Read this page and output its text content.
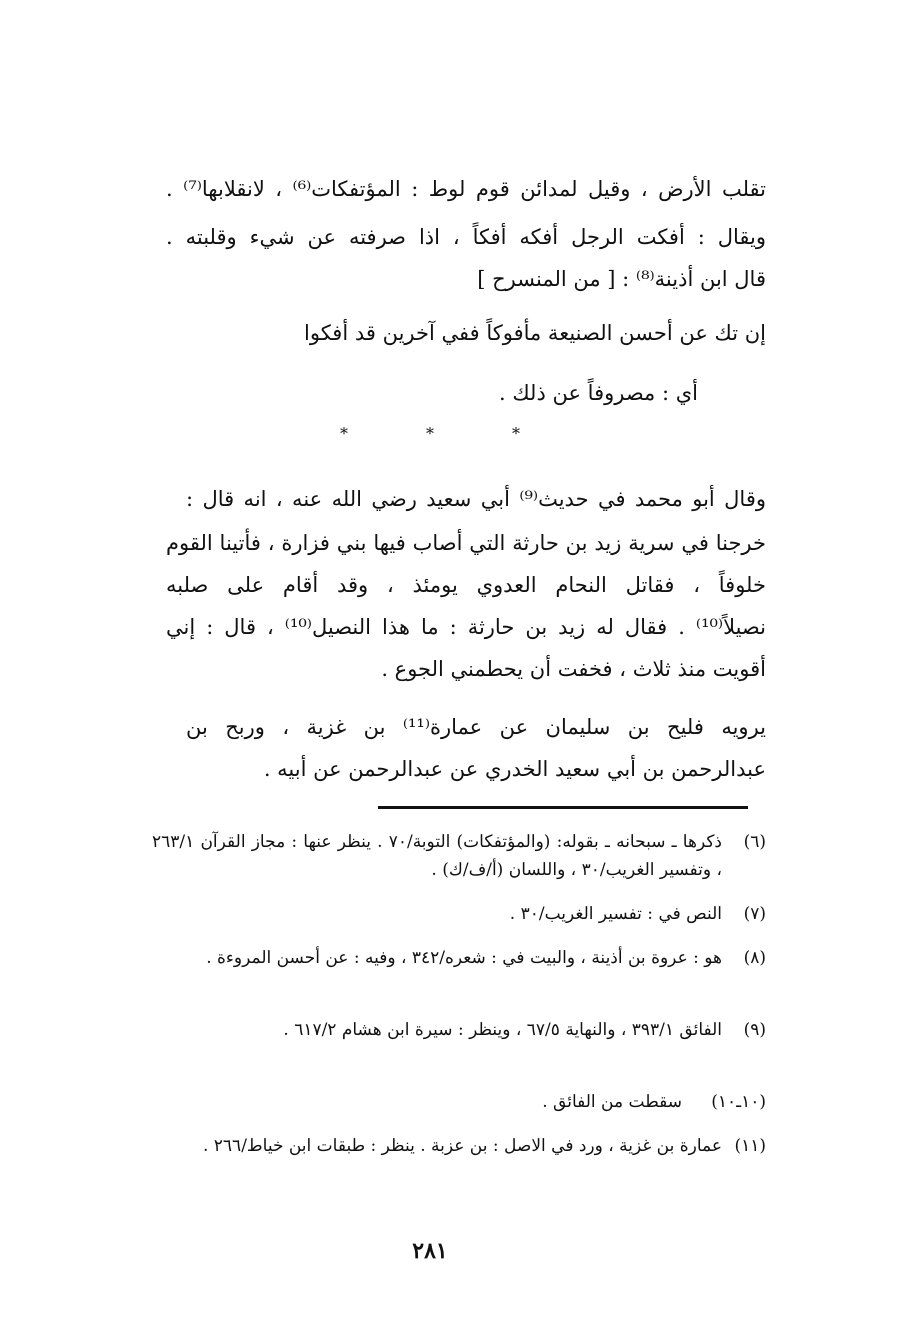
تقلب الأرض ، وقيل لمدائن قوم لوط : المؤتفكات⁽⁶⁾ ، لانقلابها⁽⁷⁾ .
ويقال : أفكت الرجل أفكه أفكاً ، اذا صرفته عن شيء وقلبته .
قال ابن أذينة⁽⁸⁾ : [ من المنسرح ]
إن تك عن أحسن الصنيعة مأفوكاً ففي آخرين قد أفكوا
أي : مصروفاً عن ذلك .
*
*
*
وقال أبو محمد في حديث⁽⁹⁾ أبي سعيد رضي الله عنه ، انه قال :
خرجنا في سرية زيد بن حارثة التي أصاب فيها بني فزارة ، فأتينا القوم
خلوفاً ، فقاتل النحام العدوي يومئذ ، وقد أقام على صلبه
نصيلاً⁽¹⁰⁾ . فقال له زيد بن حارثة : ما هذا النصيل⁽¹⁰⁾ ، قال : إني
أقويت منذ ثلاث ، فخفت أن يحطمني الجوع .
يرويه فليح بن سليمان عن عمارة⁽¹¹⁾ بن غزية ، وربح بن
عبدالرحمن بن أبي سعيد الخدري عن عبدالرحمن عن أبيه .
(٦)
ذكرها ـ سبحانه ـ بقوله: (والمؤتفكات) التوبة/٧٠ . ينظر عنها : مجاز القرآن ٢٦٣/١ ، وتفسير الغريب/٣٠ ، واللسان (أ/ف/ك) .
(٧)
النص في : تفسير الغريب/٣٠ .
(٨)
هو : عروة بن أذينة ، والبيت في : شعره/٣٤٢ ، وفيه : عن أحسن المروءة .
(٩)
الفائق ٣٩٣/١ ، والنهاية ٦٧/٥ ، وينظر : سيرة ابن هشام ٦١٧/٢ .
(١٠ـ١٠)
سقطت من الفائق .
(١١)
عمارة بن غزية ، ورد في الاصل : بن عزبة . ينظر : طبقات ابن خياط/٢٦٦ .
٢٨١
